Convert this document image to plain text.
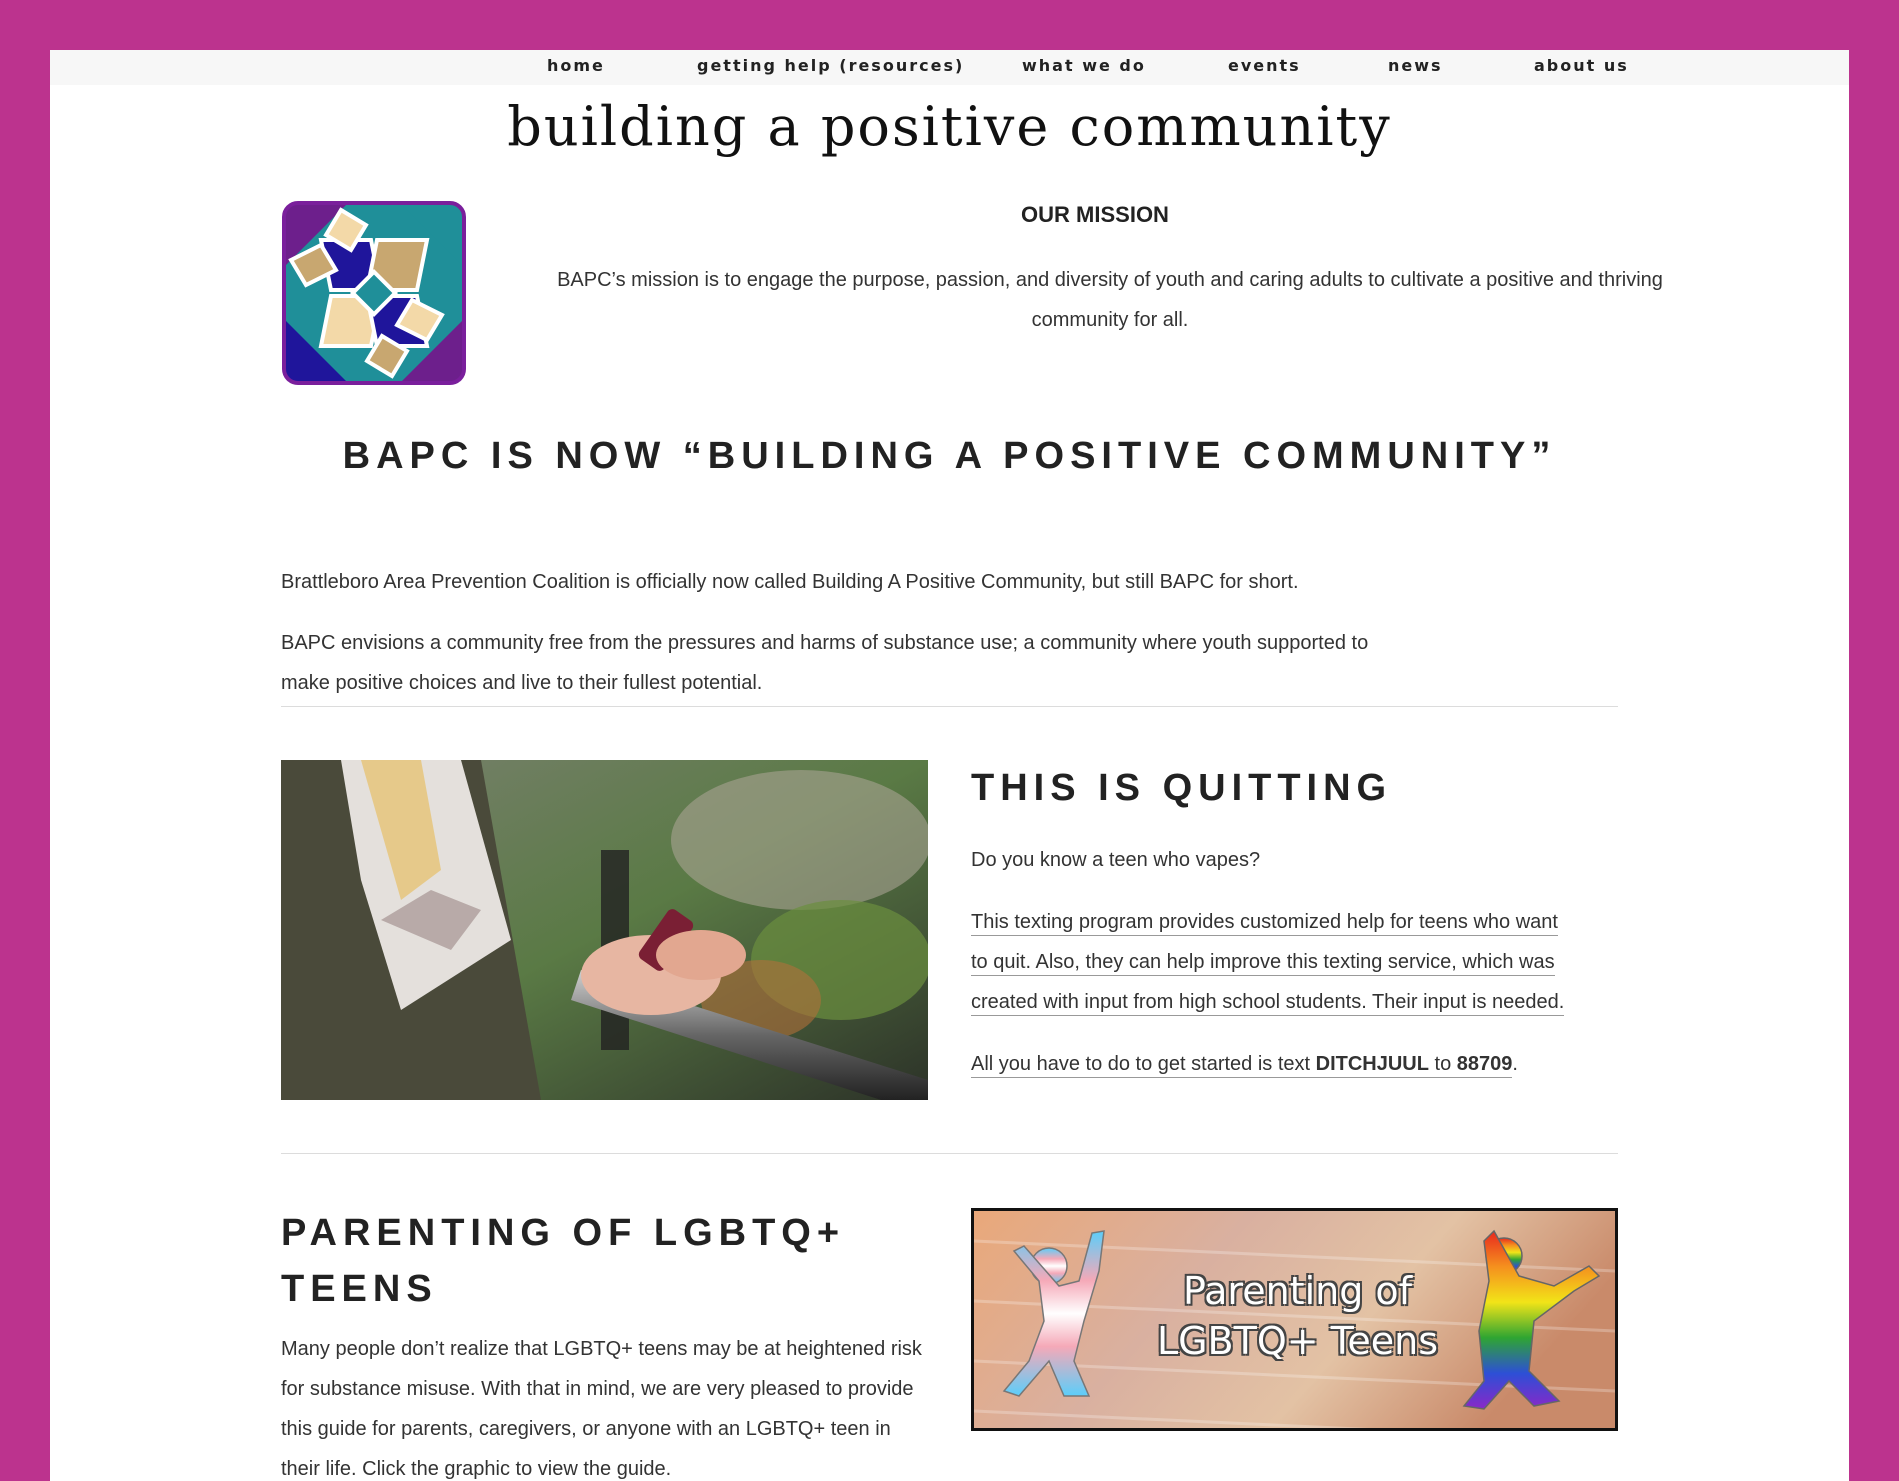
home	getting help (resources)	what we do	events	news	about us
building a positive community
OUR MISSION
BAPC’s mission is to engage the purpose, passion, and diversity of youth and caring adults to cultivate a positive and thriving community for all.
BAPC IS NOW “BUILDING A POSITIVE COMMUNITY”

Brattleboro Area Prevention Coalition is officially now called Building A Positive Community, but still BAPC for short.

BAPC envisions a community free from the pressures and harms of substance use; a community where youth supported to make positive choices and live to their fullest potential.

THIS IS QUITTING

Do you know a teen who vapes?

This texting program provides customized help for teens who want

to quit. Also, they can help improve this texting service, which was

created with input from high school students. Their input is needed.

All you have to do to get started is text DITCHJUUL to 88709.

PARENTING OF LGBTQ+
TEENS

Many people don’t realize that LGBTQ+ teens may be at heightened risk for substance misuse. With that in mind, we are very pleased to provide this guide for parents, caregivers, or anyone with an LGBTQ+ teen in their life. Click the graphic to view the guide.

Parenting of
LGBTQ+ Teens
